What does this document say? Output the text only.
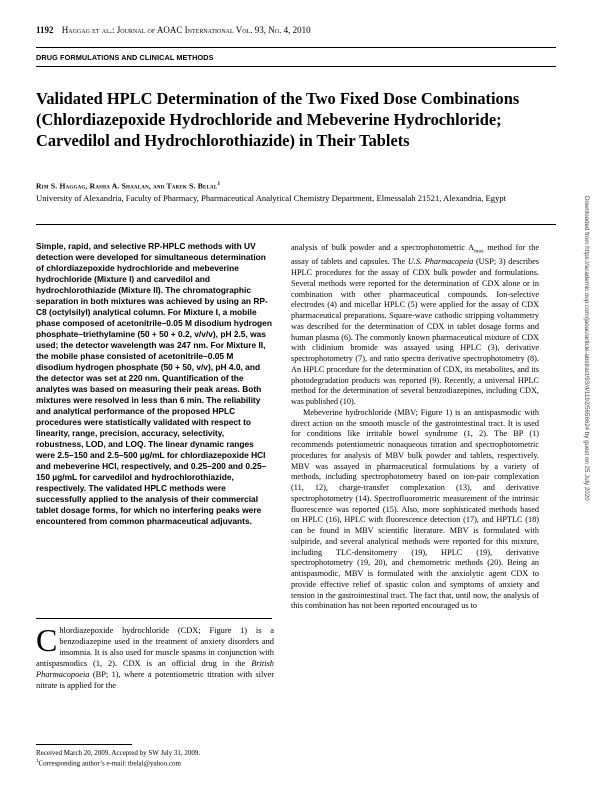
1192 Haggag et al.: Journal of AOAC International Vol. 93, No. 4, 2010
DRUG FORMULATIONS AND CLINICAL METHODS
Validated HPLC Determination of the Two Fixed Dose Combinations (Chlordiazepoxide Hydrochloride and Mebeverine Hydrochloride; Carvedilol and Hydrochlorothiazide) in Their Tablets
Rim S. Haggag, Rasha A. Shaalan, and Tarek S. Belal$^1$
University of Alexandria, Faculty of Pharmacy, Pharmaceutical Analytical Chemistry Department, Elmessalah 21521, Alexandria, Egypt
Simple, rapid, and selective RP-HPLC methods with UV detection were developed for simultaneous determination of chlordiazepoxide hydrochloride and mebeverine hydrochloride (Mixture I) and carvedilol and hydrochlorothiazide (Mixture II). The chromatographic separation in both mixtures was achieved by using an RP-C8 (octylsilyl) analytical column. For Mixture I, a mobile phase composed of acetonitrile–0.05 M disodium hydrogen phosphate–triethylamine (50 + 50 + 0.2, v/v/v), pH 2.5, was used; the detector wavelength was 247 nm. For Mixture II, the mobile phase consisted of acetonitrile–0.05 M disodium hydrogen phosphate (50 + 50, v/v), pH 4.0, and the detector was set at 220 nm. Quantification of the analytes was based on measuring their peak areas. Both mixtures were resolved in less than 6 min. The reliability and analytical performance of the proposed HPLC procedures were statistically validated with respect to linearity, range, precision, accuracy, selectivity, robustness, LOD, and LOQ. The linear dynamic ranges were 2.5–150 and 2.5–500 µg/mL for chlordiazepoxide HCl and mebeverine HCl, respectively, and 0.25–200 and 0.25–150 µg/mL for carvedilol and hydrochlorothiazide, respectively. The validated HPLC methods were successfully applied to the analysis of their commercial tablet dosage forms, for which no interfering peaks were encountered from common pharmaceutical adjuvants.
Chlordiazepoxide hydrochloride (CDX; Figure 1) is a benzodiazepine used in the treatment of anxiety disorders and insomnia. It is also used for muscle spasms in conjunction with antispasmodics (1, 2). CDX is an official drug in the British Pharmacopoeia (BP; 1), where a potentiometric titration with silver nitrate is applied for the
Received March 20, 2009. Accepted by SW July 31, 2009.
$^1$Corresponding author’s e-mail: tbelal@yahoo.com

analysis of bulk powder and a spectrophotometric $A_{max}$ method for the assay of tablets and capsules. The U.S. Pharmacopeia (USP; 3) describes HPLC procedures for the assay of CDX bulk powder and formulations. Several methods were reported for the determination of CDX alone or in combination with other pharmaceutical compounds. Ion-selective electrodes (4) and micellar HPLC (5) were applied for the assay of CDX pharmaceutical preparations. Square-wave cathodic stripping voltammetry was described for the determination of CDX in tablet dosage forms and human plasma (6). The commonly known pharmaceutical mixture of CDX with clidinium bromide was assayed using HPLC (3), derivative spectrophotometry (7), and ratio spectra derivative spectrophotometry (8). An HPLC procedure for the determination of CDX, its metabolites, and its photodegradation products was reported (9). Recently, a universal HPLC method for the determination of several benzodiazepines, including CDX, was published (10).

Mebeverine hydrochloride (MBV; Figure 1) is an antispasmodic with direct action on the smooth muscle of the gastrointestinal tract. It is used for conditions like irritable bowel syndrome (1, 2). The BP (1) recommends potentiometric nonaqueous titration and spectrophotometric procedures for analysis of MBV bulk powder and tablets, respectively. MBV was assayed in pharmaceutical formulations by a variety of methods, including spectrophotometry based on ion-pair complexation (11, 12), charge-transfer complexation (13), and derivative spectrophotometry (14). Spectrofluorometric measurement of the intrinsic fluorescence was reported (15). Also, more sophisticated methods based on HPLC (16), HPLC with fluorescence detection (17), and HPTLC (18) can be found in MBV scientific literature. MBV is formulated with sulpiride, and several analytical methods were reported for this mixture, including TLC-densitometry (19), HPLC (19), derivative spectrophotometry (19, 20), and chemometric methods (20). Being an antispasmodic, MBV is formulated with the anxiolytic agent CDX to provide effective relief of spastic colon and symptoms of anxiety and tension in the gastrointestinal tract. The fact that, until now, the analysis of this combination has not been reported encouraged us to

Downloaded from https://academic.oup.com/jaoac/article-abstract/93/4/1192/5656624 by guest on 25 July 2020
